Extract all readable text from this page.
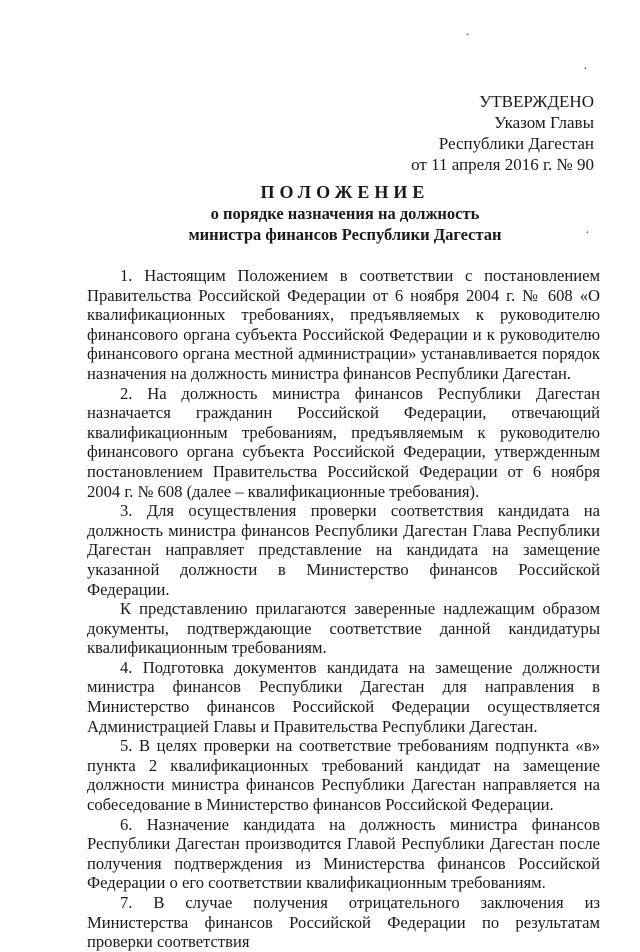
·
·
·
УТВЕРЖДЕНО
Указом Главы
Республики Дагестан
от 11 апреля 2016 г. № 90
ПОЛОЖЕНИЕ
о порядке назначения на должность
министра финансов Республики Дагестан

1. Настоящим Положением в соответствии с постановлением Правительства Российской Федерации от 6 ноября 2004 г. № 608 «О квалификационных требованиях, предъявляемых к руководителю финансового органа субъекта Российской Федерации и к руководителю финансового органа местной администрации» устанавливается порядок назначения на должность министра финансов Республики Дагестан.

2. На должность министра финансов Республики Дагестан назначается гражданин Российской Федерации, отвечающий квалификационным требованиям, предъявляемым к руководителю финансового органа субъекта Российской Федерации, утвержденным постановлением Правительства Российской Федерации от 6 ноября 2004 г. № 608 (далее – квалификационные требования).

3. Для осуществления проверки соответствия кандидата на должность министра финансов Республики Дагестан Глава Республики Дагестан направляет представление на кандидата на замещение указанной должности в Министерство финансов Российской Федерации.

К представлению прилагаются заверенные надлежащим образом документы, подтверждающие соответствие данной кандидатуры квалификационным требованиям.

4. Подготовка документов кандидата на замещение должности министра финансов Республики Дагестан для направления в Министерство финансов Российской Федерации осуществляется Администрацией Главы и Правительства Республики Дагестан.

5. В целях проверки на соответствие требованиям подпункта «в» пункта 2 квалификационных требований кандидат на замещение должности министра финансов Республики Дагестан направляется на собеседование в Министерство финансов Российской Федерации.

6. Назначение кандидата на должность министра финансов Республики Дагестан производится Главой Республики Дагестан после получения подтверждения из Министерства финансов Российской Федерации о его соответствии квалификационным требованиям.

7. В случае получения отрицательного заключения из Министерства финансов Российской Федерации по результатам проверки соответствия
